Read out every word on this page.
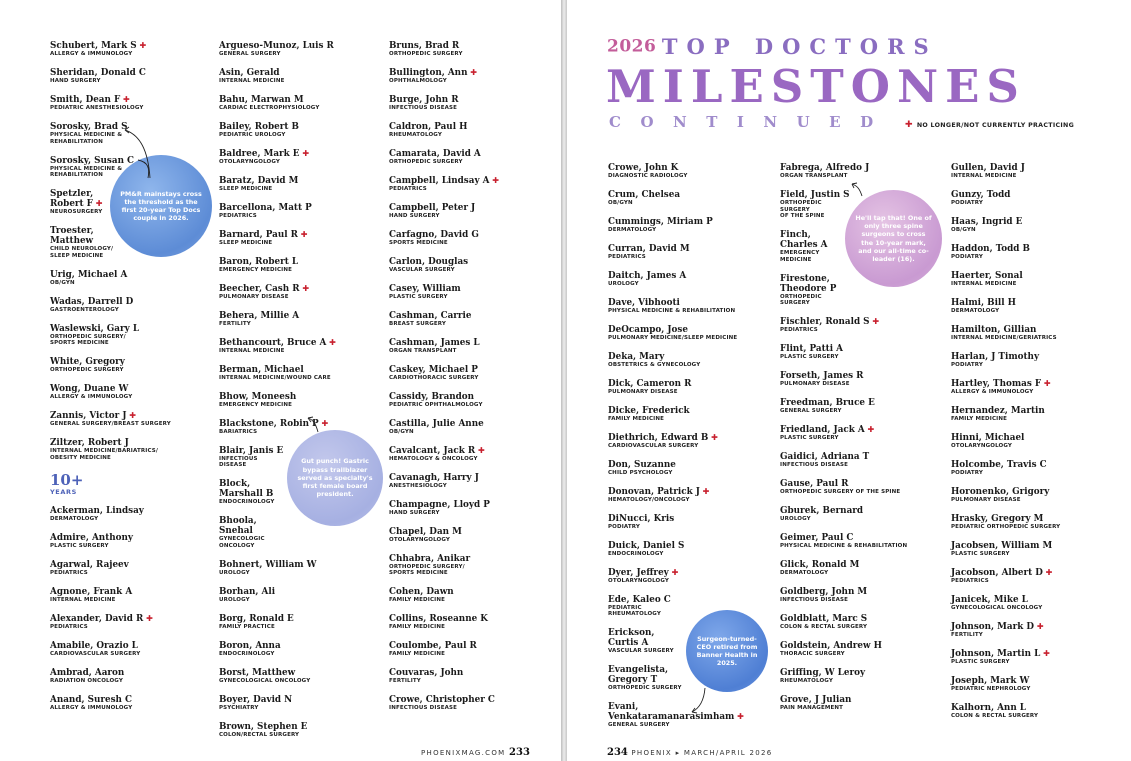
Schubert, Mark S ✚
ALLERGY & IMMUNOLOGY
Sheridan, Donald C
HAND SURGERY
Smith, Dean F ✚
PEDIATRIC ANESTHESIOLOGY
Sorosky, Brad S
PHYSICAL MEDICINE &
REHABILITATION
Sorosky, Susan C
PHYSICAL MEDICINE &
REHABILITATION
Spetzler,
Robert F ✚
NEUROSURGERY
Troester,
Matthew
CHILD NEUROLOGY/
SLEEP MEDICINE
Urig, Michael A
OB/GYN
Wadas, Darrell D
GASTROENTEROLOGY
Waslewski, Gary L
ORTHOPEDIC SURGERY/
SPORTS MEDICINE
White, Gregory
ORTHOPEDIC SURGERY
Wong, Duane W
ALLERGY & IMMUNOLOGY
Zannis, Victor J ✚
GENERAL SURGERY/BREAST SURGERY
Ziltzer, Robert J
INTERNAL MEDICINE/BARIATRICS/
OBESITY MEDICINE
10+
YEARS
Ackerman, Lindsay
DERMATOLOGY
Admire, Anthony
PLASTIC SURGERY
Agarwal, Rajeev
PEDIATRICS
Agnone, Frank A
INTERNAL MEDICINE
Alexander, David R ✚
PEDIATRICS
Amabile, Orazio L
CARDIOVASCULAR SURGERY
Ambrad, Aaron
RADIATION ONCOLOGY
Anand, Suresh C
ALLERGY & IMMUNOLOGY
Argueso-Munoz, Luis R
GENERAL SURGERY
Asin, Gerald
INTERNAL MEDICINE
Bahu, Marwan M
CARDIAC ELECTROPHYSIOLOGY
Bailey, Robert B
PEDIATRIC UROLOGY
Baldree, Mark E ✚
OTOLARYNGOLOGY
Baratz, David M
SLEEP MEDICINE
Barcellona, Matt P
PEDIATRICS
Barnard, Paul R ✚
SLEEP MEDICINE
Baron, Robert L
EMERGENCY MEDICINE
Beecher, Cash R ✚
PULMONARY DISEASE
Behera, Millie A
FERTILITY
Bethancourt, Bruce A ✚
INTERNAL MEDICINE
Berman, Michael
INTERNAL MEDICINE/WOUND CARE
Bhow, Moneesh
EMERGENCY MEDICINE
Blackstone, Robin P ✚
BARIATRICS
Blair, Janis E
INFECTIOUS
DISEASE
Block,
Marshall B
ENDOCRINOLOGY
Bhoola,
Snehal
GYNECOLOGIC
ONCOLOGY
Bohnert, William W
UROLOGY
Borhan, Ali
UROLOGY
Borg, Ronald E
FAMILY PRACTICE
Boron, Anna
ENDOCRINOLOGY
Borst, Matthew
GYNECOLOGICAL ONCOLOGY
Boyer, David N
PSYCHIATRY
Brown, Stephen E
COLON/RECTAL SURGERY
Bruns, Brad R
ORTHOPEDIC SURGERY
Bullington, Ann ✚
OPHTHALMOLOGY
Burge, John R
INFECTIOUS DISEASE
Caldron, Paul H
RHEUMATOLOGY
Camarata, David A
ORTHOPEDIC SURGERY
Campbell, Lindsay A ✚
PEDIATRICS
Campbell, Peter J
HAND SURGERY
Carfagno, David G
SPORTS MEDICINE
Carlon, Douglas
VASCULAR SURGERY
Casey, William
PLASTIC SURGERY
Cashman, Carrie
BREAST SURGERY
Cashman, James L
ORGAN TRANSPLANT
Caskey, Michael P
CARDIOTHORACIC SURGERY
Cassidy, Brandon
PEDIATRIC OPHTHALMOLOGY
Castilla, Julie Anne
OB/GYN
Cavalcant, Jack R ✚
HEMATOLOGY & ONCOLOGY
Cavanagh, Harry J
ANESTHESIOLOGY
Champagne, Lloyd P
HAND SURGERY
Chapel, Dan M
OTOLARYNGOLOGY
Chhabra, Anikar
ORTHOPEDIC SURGERY/
SPORTS MEDICINE
Cohen, Dawn
FAMILY MEDICINE
Collins, Roseanne K
FAMILY MEDICINE
Coulombe, Paul R
FAMILY MEDICINE
Couvaras, John
FERTILITY
Crowe, Christopher C
INFECTIOUS DISEASE
PHOENIXMAG.COM 233
Crowe, John K
DIAGNOSTIC RADIOLOGY
Crum, Chelsea
OB/GYN
Cummings, Miriam P
DERMATOLOGY
Curran, David M
PEDIATRICS
Daitch, James A
UROLOGY
Dave, Vibhooti
PHYSICAL MEDICINE & REHABILITATION
DeOcampo, Jose
PULMONARY MEDICINE/SLEEP MEDICINE
Deka, Mary
OBSTETRICS & GYNECOLOGY
Dick, Cameron R
PULMONARY DISEASE
Dicke, Frederick
FAMILY MEDICINE
Diethrich, Edward B ✚
CARDIOVASCULAR SURGERY
Don, Suzanne
CHILD PSYCHOLOGY
Donovan, Patrick J ✚
HEMATOLOGY/ONCOLOGY
DiNucci, Kris
PODIATRY
Duick, Daniel S
ENDOCRINOLOGY
Dyer, Jeffrey ✚
OTOLARYNGOLOGY
Ede, Kaleo C
PEDIATRIC
RHEUMATOLOGY
Erickson,
Curtis A
VASCULAR SURGERY
Evangelista,
Gregory T
ORTHOPEDIC SURGERY
Evani,
Venkataramanarasimham ✚
GENERAL SURGERY
Fabrega, Alfredo J
ORGAN TRANSPLANT
Field, Justin S
ORTHOPEDIC
SURGERY
OF THE SPINE
Finch,
Charles A
EMERGENCY
MEDICINE
Firestone,
Theodore P
ORTHOPEDIC
SURGERY
Fischler, Ronald S ✚
PEDIATRICS
Flint, Patti A
PLASTIC SURGERY
Forseth, James R
PULMONARY DISEASE
Freedman, Bruce E
GENERAL SURGERY
Friedland, Jack A ✚
PLASTIC SURGERY
Gaidici, Adriana T
INFECTIOUS DISEASE
Gause, Paul R
ORTHOPEDIC SURGERY OF THE SPINE
Gburek, Bernard
UROLOGY
Geimer, Paul C
PHYSICAL MEDICINE & REHABILITATION
Glick, Ronald M
DERMATOLOGY
Goldberg, John M
INFECTIOUS DISEASE
Goldblatt, Marc S
COLON & RECTAL SURGERY
Goldstein, Andrew H
THORACIC SURGERY
Griffing, W Leroy
RHEUMATOLOGY
Grove, J Julian
PAIN MANAGEMENT
Gullen, David J
INTERNAL MEDICINE
Gunzy, Todd
PODIATRY
Haas, Ingrid E
OB/GYN
Haddon, Todd B
PODIATRY
Haerter, Sonal
INTERNAL MEDICINE
Halmi, Bill H
DERMATOLOGY
Hamilton, Gillian
INTERNAL MEDICINE/GERIATRICS
Harlan, J Timothy
PODIATRY
Hartley, Thomas F ✚
ALLERGY & IMMUNOLOGY
Hernandez, Martin
FAMILY MEDICINE
Hinni, Michael
OTOLARYNGOLOGY
Holcombe, Travis C
PODIATRY
Horonenko, Grigory
PULMONARY DISEASE
Hrasky, Gregory M
PEDIATRIC ORTHOPEDIC SURGERY
Jacobsen, William M
PLASTIC SURGERY
Jacobson, Albert D ✚
PEDIATRICS
Janicek, Mike L
GYNECOLOGICAL ONCOLOGY
Johnson, Mark D ✚
FERTILITY
Johnson, Martin L ✚
PLASTIC SURGERY
Joseph, Mark W
PEDIATRIC NEPHROLOGY
Kalhorn, Ann L
COLON & RECTAL SURGERY
234 PHOENIX ▸ MARCH/APRIL 2026
2026 TOP DOCTORS
MILESTONES
CONTINUED ✚ NO LONGER/NOT CURRENTLY PRACTICING
PM&R mainstays cross the threshold as the first 20-year Top Docs couple in 2026.
Gut punch! Gastric bypass trailblazer served as specialty's first female board president.
He'll tap that! One of only three spine surgeons to cross the 10-year mark, and our all-time co-leader (16).
Surgeon-turned-CEO retired from Banner Health in 2025.
